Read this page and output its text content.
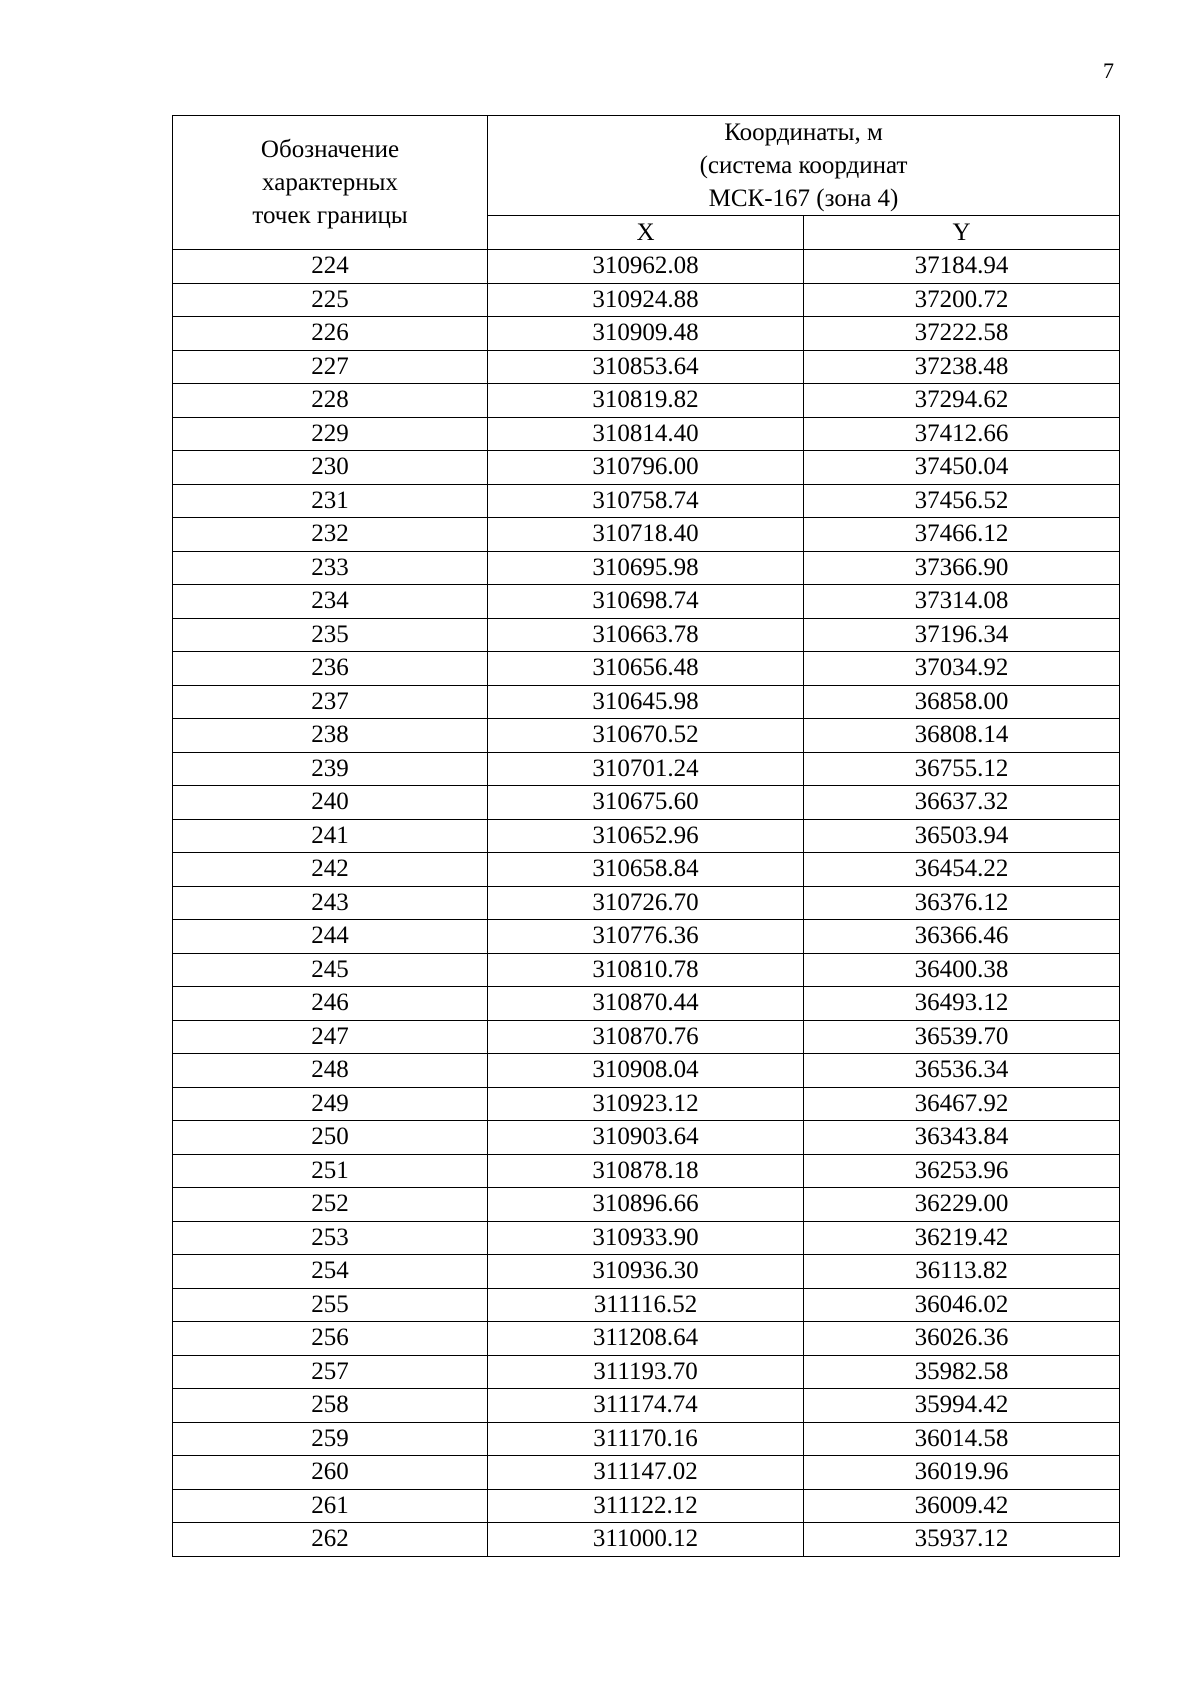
7
Обозначение
характерных
точек границы	Координаты, м
(система координат
МСК-167 (зона 4)	

	X	Y
224	310962.08	37184.94
225	310924.88	37200.72
226	310909.48	37222.58
227	310853.64	37238.48
228	310819.82	37294.62
229	310814.40	37412.66
230	310796.00	37450.04
231	310758.74	37456.52
232	310718.40	37466.12
233	310695.98	37366.90
234	310698.74	37314.08
235	310663.78	37196.34
236	310656.48	37034.92
237	310645.98	36858.00
238	310670.52	36808.14
239	310701.24	36755.12
240	310675.60	36637.32
241	310652.96	36503.94
242	310658.84	36454.22
243	310726.70	36376.12
244	310776.36	36366.46
245	310810.78	36400.38
246	310870.44	36493.12
247	310870.76	36539.70
248	310908.04	36536.34
249	310923.12	36467.92
250	310903.64	36343.84
251	310878.18	36253.96
252	310896.66	36229.00
253	310933.90	36219.42
254	310936.30	36113.82
255	311116.52	36046.02
256	311208.64	36026.36
257	311193.70	35982.58
258	311174.74	35994.42
259	311170.16	36014.58
260	311147.02	36019.96
261	311122.12	36009.42
262	311000.12	35937.12
